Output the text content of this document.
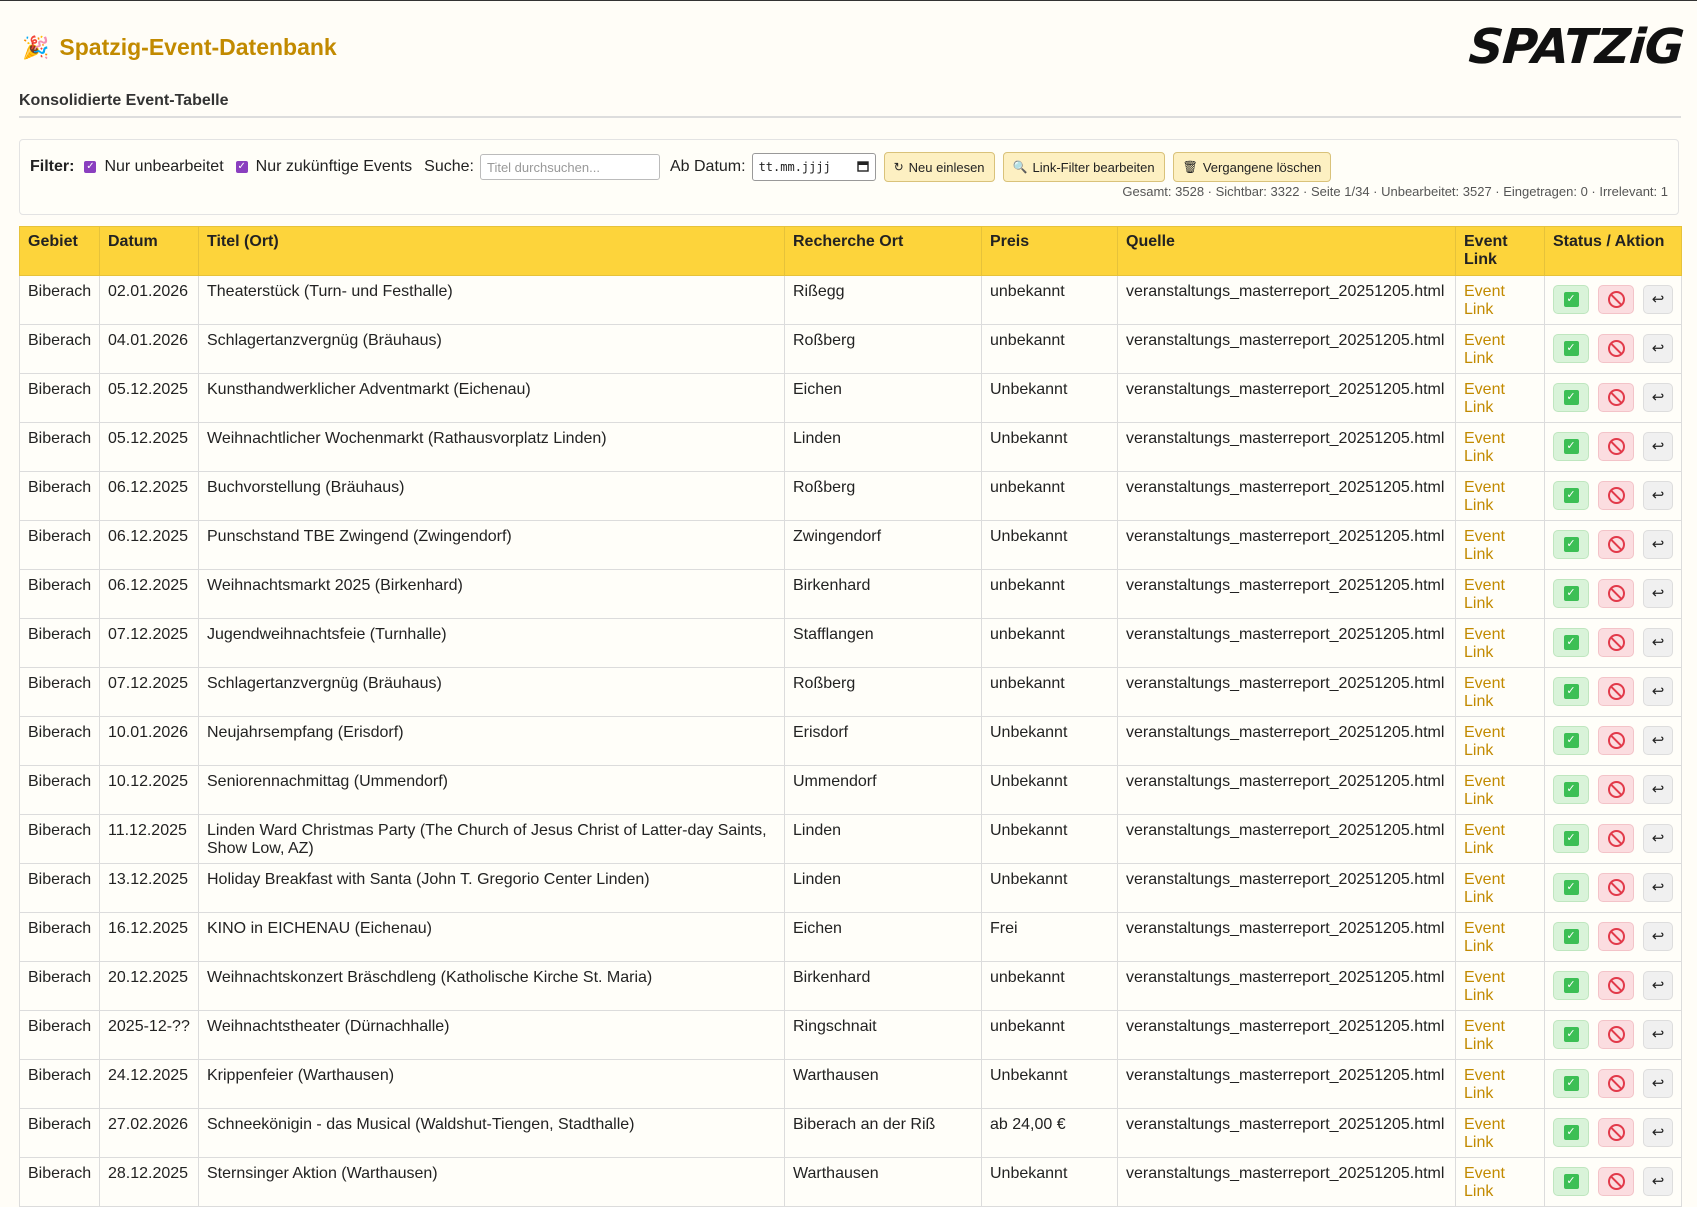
🎉 Spatzig-Event-Datenbank	SPATZiG
Konsolidierte Event-Tabelle
Filter: ✓ Nur unbearbeitet ✓ Nur zukünftige Events Suche:	Titel durchsuchen...	Ab Datum: tt.mm.jjjj	↻ Neu einlesen 🔍 Link-Filter bearbeiten 🗑 Vergangene löschen
Gesamt: 3528 · Sichtbar: 3322 · Seite 1/34 · Unbearbeitet: 3527 · Eingetragen: 0 · Irrelevant: 1
Gebiet	Datum	Titel (Ort)	Recherche Ort	Preis	Quelle	Event Link	Status / Aktion
Biberach	02.01.2026	Theaterstück (Turn- und Festhalle)	Rißegg	unbekannt	veranstaltungs_masterreport_20251205.html	Event Link	✓ ↩

Biberach	04.01.2026	Schlagertanzvergnüg (Bräuhaus)	Roßberg	unbekannt	veranstaltungs_masterreport_20251205.html	Event Link	✓ ↩

Biberach	05.12.2025	Kunsthandwerklicher Adventmarkt (Eichenau)	Eichen	Unbekannt	veranstaltungs_masterreport_20251205.html	Event Link	✓ ↩

Biberach	05.12.2025	Weihnachtlicher Wochenmarkt (Rathausvorplatz Linden)	Linden	Unbekannt	veranstaltungs_masterreport_20251205.html	Event Link	✓ ↩

Biberach	06.12.2025	Buchvorstellung (Bräuhaus)	Roßberg	unbekannt	veranstaltungs_masterreport_20251205.html	Event Link	✓ ↩

Biberach	06.12.2025	Punschstand TBE Zwingend (Zwingendorf)	Zwingendorf	Unbekannt	veranstaltungs_masterreport_20251205.html	Event Link	✓ ↩

Biberach	06.12.2025	Weihnachtsmarkt 2025 (Birkenhard)	Birkenhard	unbekannt	veranstaltungs_masterreport_20251205.html	Event Link	✓ ↩

Biberach	07.12.2025	Jugendweihnachtsfeie (Turnhalle)	Stafflangen	unbekannt	veranstaltungs_masterreport_20251205.html	Event Link	✓ ↩

Biberach	07.12.2025	Schlagertanzvergnüg (Bräuhaus)	Roßberg	unbekannt	veranstaltungs_masterreport_20251205.html	Event Link	✓ ↩

Biberach	10.01.2026	Neujahrsempfang (Erisdorf)	Erisdorf	Unbekannt	veranstaltungs_masterreport_20251205.html	Event Link	✓ ↩

Biberach	10.12.2025	Seniorennachmittag (Ummendorf)	Ummendorf	Unbekannt	veranstaltungs_masterreport_20251205.html	Event Link	✓ ↩

Biberach	11.12.2025	Linden Ward Christmas Party (The Church of Jesus Christ of Latter-day Saints, Show Low, AZ)	Linden	Unbekannt	veranstaltungs_masterreport_20251205.html	Event Link	✓ ↩

Biberach	13.12.2025	Holiday Breakfast with Santa (John T. Gregorio Center Linden)	Linden	Unbekannt	veranstaltungs_masterreport_20251205.html	Event Link	✓ ↩

Biberach	16.12.2025	KINO in EICHENAU (Eichenau)	Eichen	Frei	veranstaltungs_masterreport_20251205.html	Event Link	✓ ↩

Biberach	20.12.2025	Weihnachtskonzert Bräschdleng (Katholische Kirche St. Maria)	Birkenhard	unbekannt	veranstaltungs_masterreport_20251205.html	Event Link	✓ ↩

Biberach	2025-12-??	Weihnachtstheater (Dürnachhalle)	Ringschnait	unbekannt	veranstaltungs_masterreport_20251205.html	Event Link	✓ ↩

Biberach	24.12.2025	Krippenfeier (Warthausen)	Warthausen	Unbekannt	veranstaltungs_masterreport_20251205.html	Event Link	✓ ↩

Biberach	27.02.2026	Schneekönigin - das Musical (Waldshut-Tiengen, Stadthalle)	Biberach an der Riß	ab 24,00 €	veranstaltungs_masterreport_20251205.html	Event Link	✓ ↩

Biberach	28.12.2025	Sternsinger Aktion (Warthausen)	Warthausen	Unbekannt	veranstaltungs_masterreport_20251205.html	Event Link	✓ ↩
